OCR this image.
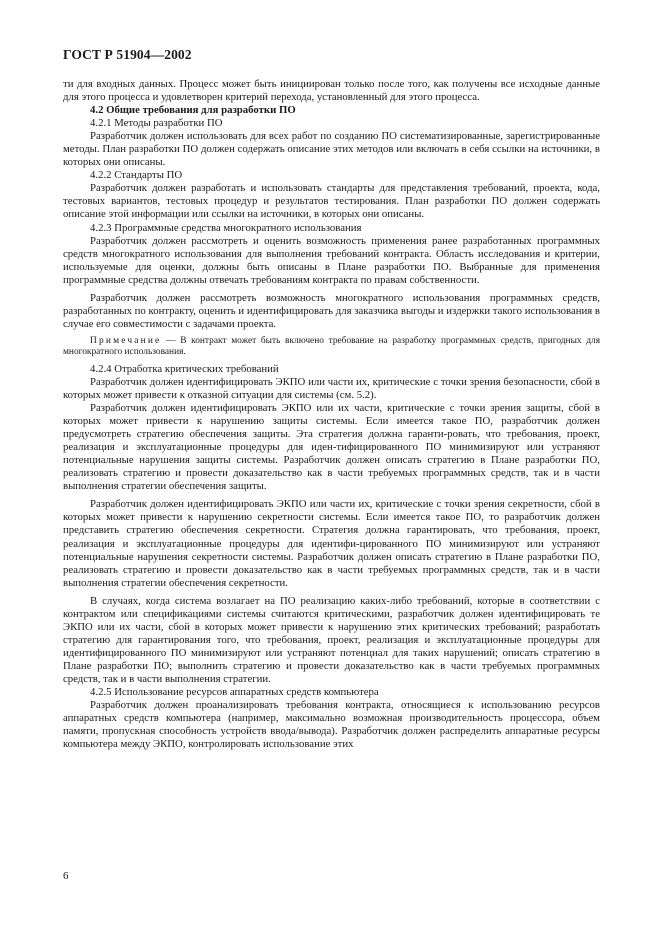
ГОСТ Р 51904—2002

ти для входных данных. Процесс может быть инициирован только после того, как получены все исходные данные для этого процесса и удовлетворен критерий перехода, установленный для этого процесса.

4.2 Общие требования для разработки ПО

4.2.1 Методы разработки ПО

Разработчик должен использовать для всех работ по созданию ПО систематизированные, зарегистрированные методы. План разработки ПО должен содержать описание этих методов или включать в себя ссылки на источники, в которых они описаны.

4.2.2 Стандарты ПО

Разработчик должен разработать и использовать стандарты для представления требований, проекта, кода, тестовых вариантов, тестовых процедур и результатов тестирования. План разработки ПО должен содержать описание этой информации или ссылки на источники, в которых они описаны.

4.2.3 Программные средства многократного использования

Разработчик должен рассмотреть и оценить возможность применения ранее разработанных программных средств многократного использования для выполнения требований контракта. Область исследования и критерии, используемые для оценки, должны быть описаны в Плане разработки ПО. Выбранные для применения программные средства должны отвечать требованиям контракта по правам собственности.

Разработчик должен рассмотреть возможность многократного использования программных средств, разработанных по контракту, оценить и идентифицировать для заказчика выгоды и издержки такого использования в случае его совместимости с задачами проекта.

Примечание — В контракт может быть включено требование на разработку программных средств, пригодных для многократного использования.

4.2.4 Отработка критических требований

Разработчик должен идентифицировать ЭКПО или части их, критические с точки зрения безопасности, сбой в которых может привести к отказной ситуации для системы (см. 5.2).

Разработчик должен идентифицировать ЭКПО или их части, критические с точки зрения защиты, сбой в которых может привести к нарушению защиты системы. Если имеется такое ПО, разработчик должен предусмотреть стратегию обеспечения защиты. Эта стратегия должна гаранти-ровать, что требования, проект, реализация и эксплуатационные процедуры для иден-тифицированного ПО минимизируют или устраняют потенциальные нарушения защиты системы. Разработчик должен описать стратегию в Плане разработки ПО, реализовать стратегию и провести доказательство как в части требуемых программных средств, так и в части выполнения стратегии обеспечения защиты.

Разработчик должен идентифицировать ЭКПО или части их, критические с точки зрения секретности, сбой в которых может привести к нарушению секретности системы. Если имеется такое ПО, то разработчик должен представить стратегию обеспечения секретности. Стратегия должна гарантировать, что требования, проект, реализация и эксплуатационные процедуры для идентифи-цированного ПО минимизируют или устраняют потенциальные нарушения секретности системы. Разработчик должен описать стратегию в Плане разработки ПО, реализовать стратегию и провести доказательство как в части требуемых программных средств, так и в части выполнения стратегии обеспечения секретности.

В случаях, когда система возлагает на ПО реализацию каких-либо требований, которые в соответствии с контрактом или спецификациями системы считаются критическими, разработчик должен идентифицировать те ЭКПО или их части, сбой в которых может привести к нарушению этих критических требований; разработать стратегию для гарантирования того, что требования, проект, реализация и эксплуатационные процедуры для идентифицированного ПО минимизируют или устраняют потенциал для таких нарушений; описать стратегию в Плане разработки ПО; выполнить стратегию и провести доказательство как в части требуемых программных средств, так и в части выполнения стратегии.

4.2.5 Использование ресурсов аппаратных средств компьютера

Разработчик должен проанализировать требования контракта, относящиеся к использованию ресурсов аппаратных средств компьютера (например, максимально возможная производительность процессора, объем памяти, пропускная способность устройств ввода/вывода). Разработчик должен распределить аппаратные ресурсы компьютера между ЭКПО, контролировать использование этих

6
